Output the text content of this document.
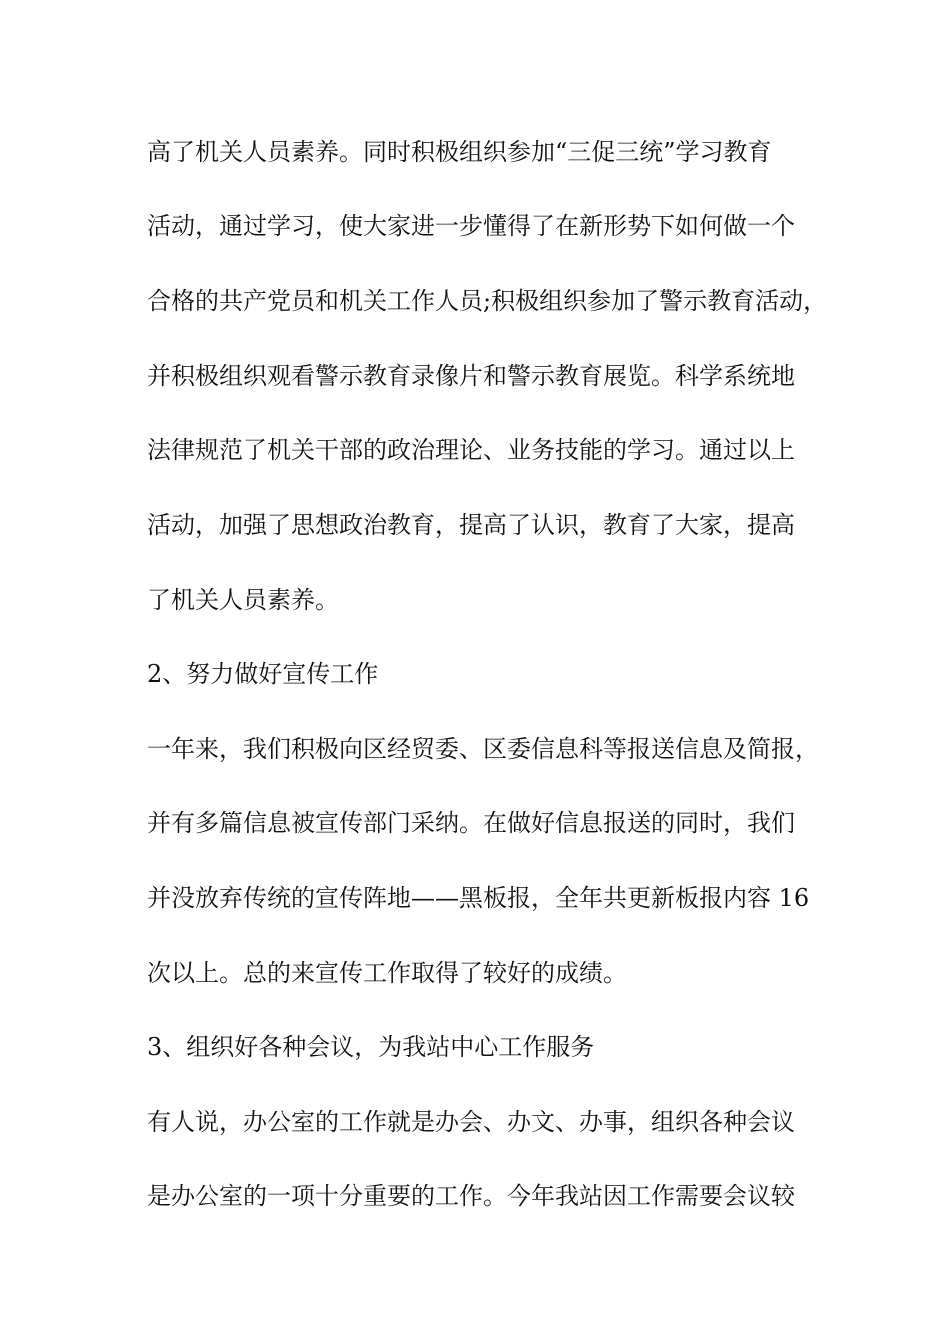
高了机关人员素养。同时积极组织参加“三促三统”学习教育
活动，通过学习，使大家进一步懂得了在新形势下如何做一个
合格的共产党员和机关工作人员;积极组织参加了警示教育活动，
并积极组织观看警示教育录像片和警示教育展览。科学系统地
法律规范了机关干部的政治理论、业务技能的学习。通过以上
活动，加强了思想政治教育，提高了认识，教育了大家，提高
了机关人员素养。
2、努力做好宣传工作
一年来，我们积极向区经贸委、区委信息科等报送信息及简报，
并有多篇信息被宣传部门采纳。在做好信息报送的同时，我们
并没放弃传统的宣传阵地——黑板报，全年共更新板报内容 16
次以上。总的来宣传工作取得了较好的成绩。
3、组织好各种会议，为我站中心工作服务
有人说，办公室的工作就是办会、办文、办事，组织各种会议
是办公室的一项十分重要的工作。今年我站因工作需要会议较
